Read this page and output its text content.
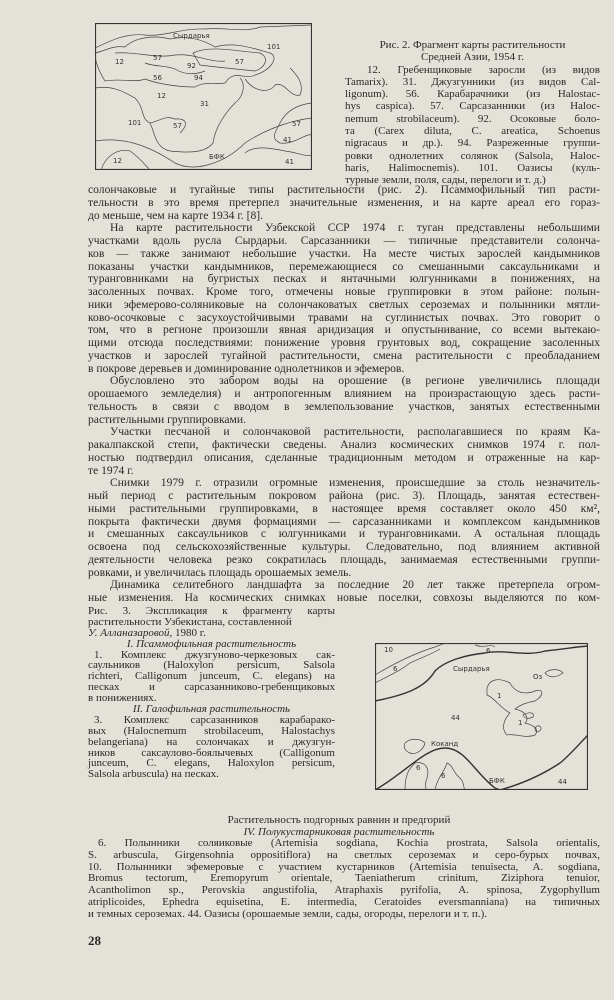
Сырдарья
101
12	57
92	57
56	94
12
31
101	57	57
41
12	БФК
41
Рис. 2. Фрагмент карты растительности
Средней Азии, 1954 г.
12. Гребенщиковые заросли (из видов
Tamarix). 31. Джузгунники (из видов Cal-
ligonum). 56. Карабарачники (из Halostac-
hys caspica). 57. Сарсазанники (из Haloc-
nemum strobilaceum). 92. Осоковые боло-
та (Carex diluta, C. areatica, Schoenus
nigracaus и др.). 94. Разреженные группи-
ровки однолетних солянок (Salsola, Haloc-
haris, Halimocnemis). 101. Оазисы (куль-
турные земли, поля, сады, перелоги и т. д.)
солончаковые и тугайные типы растительности (рис. 2). Псаммофильный тип расти-
тельности в это время претерпел значительные изменения, и на карте ареал его гораз-
до меньше, чем на карте 1934 г. [8].
На карте растительности Узбекской ССР 1974 г. туган представлены небольшими
участками вдоль русла Сырдарьи. Сарсазанники — типичные представители солонча-
ков — также занимают небольшие участки. На месте чистых зарослей кандымников
показаны участки кандымников, перемежающиеся со смешанными саксаульниками и
туранговниками на бугристых песках и янтачными юлгунниками в понижениях, на
засоленных почвах. Кроме того, отмечены новые группировки в этом районе: полын-
ники эфемерово-соляниковые на солончаковатых светлых сероземах и полынники мятли-
ково-осочковые с засухоустойчивыми травами на суглинистых почвах. Это говорит о
том, что в регионе произошли явная аридизация и опустынивание, со всеми вытекаю-
щими отсюда последствиями: понижение уровня грунтовых вод, сокращение засоленных
участков и зарослей тугайной растительности, смена растительности с преобладанием
в покрове деревьев и доминирование однолетников и эфемеров.
Обусловлено это забором воды на орошение (в регионе увеличились площади
орошаемого земледелия) и антропогенным влиянием на произрастающую здесь расти-
тельность в связи с вводом в землепользование участков, занятых естественными
растительными группировками.
Участки песчаной и солончаковой растительности, располагавшиеся по краям Ка-
ракалпакской степи, фактически сведены. Анализ космических снимков 1974 г. пол-
ностью подтвердил описания, сделанные традиционным методом и отраженные на кар-
те 1974 г.
Снимки 1979 г. отразили огромные изменения, происшедшие за столь незначитель-
ный период с растительным покровом района (рис. 3). Площадь, занятая естествен-
ными растительными группировками, в настоящее время составляет около 450 км²,
покрыта фактически двумя формациями — сарсазанниками и комплексом кандымников
и смешанных саксаульников с юлгунниками и туранговниками. А остальная площадь
освоена под сельскохозяйственные культуры. Следовательно, под влиянием активной
деятельности человека резко сократилась площадь, занимаемая естественными группи-
ровками, и увеличилась площадь орошаемых земель.
Динамика селитебного ландшафта за последние 20 лет также претерпела огром-
ные изменения. На космических снимках новые поселки, совхозы выделяются по ком-
Рис. 3. Экспликация к фрагменту карты
растительности Узбекистана, составленной
У. Алланазаровой, 1980 г.
I. Псаммофильная растительность
1. Комплекс джузгуново-черкезовых сак-
саульников (Haloxylon persicum, Salsola
richteri, Calligonum junceum, C. elegans) на
песках и сарсазанниково-гребенщиковых
в понижениях.
II. Галофильная растительность
3. Комплекс сарсазанников карабарако-
вых (Halocnemum strobilaceum, Halostachys
belangeriana) на солончаках и джузгун-
ников саксаулово-боялычевых (Calligonum
junceum, C. elegans, Haloxylon persicum,
Salsola arbuscula) на песках.
10
6
6
Сырдарья
Оз
1
1
44
Коканд
6
6
БФК	44
Растительность подгорных равнин и предгорий
IV. Полукустарниковая растительность
6. Полынники соляиковые (Artemisia sogdiana, Kochia prostrata, Salsola orientalis,
S. arbuscula, Girgensohnia oppositiflora) на светлых сероземах и серо-бурых почвах,
10. Полынники эфемеровые с участием кустарников (Artemisia tenuisecta, A. sogdiana,
Bromus tectorum, Eremopyrum orientale, Taeniatherum crinitum, Ziziphora tenuior,
Acantholimon sp., Perovskia angustifolia, Atraphaxis pyrifolia, A. spinosa, Zygophyllum
atriplicoides, Ephedra equisetina, E. intermedia, Ceratoides eversmanniana) на типичных
и темных сероземах. 44. Оазисы (орошаемые земли, сады, огороды, перелоги и т. п.).
28
